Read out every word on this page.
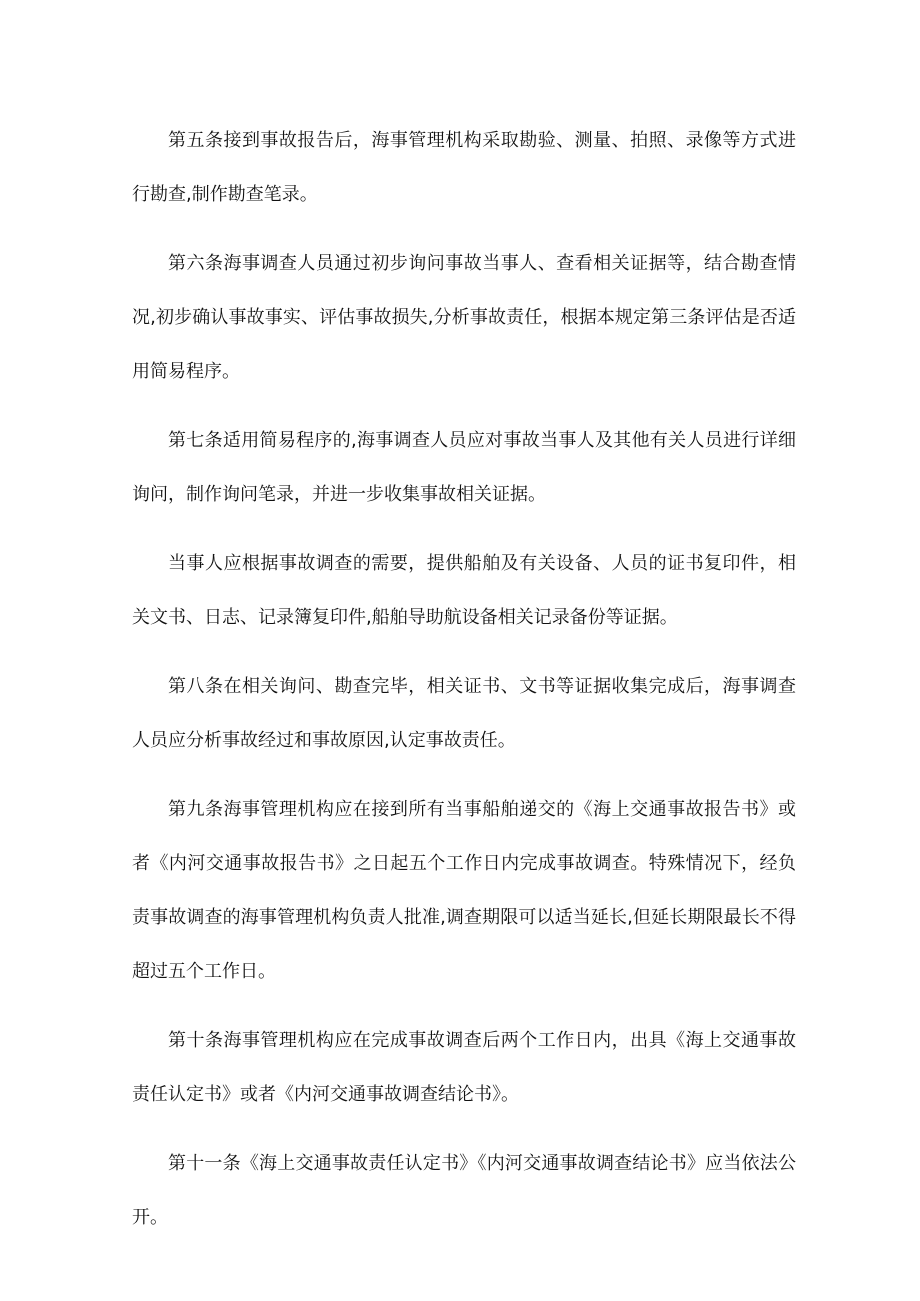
第五条接到事故报告后，海事管理机构采取勘验、测量、拍照、录像等方式进行勘查,制作勘查笔录。

第六条海事调查人员通过初步询问事故当事人、查看相关证据等，结合勘查情况,初步确认事故事实、评估事故损失,分析事故责任，根据本规定第三条评估是否适用简易程序。

第七条适用简易程序的,海事调查人员应对事故当事人及其他有关人员进行详细询问，制作询问笔录，并进一步收集事故相关证据。

当事人应根据事故调查的需要，提供船舶及有关设备、人员的证书复印件，相关文书、日志、记录簿复印件,船舶导助航设备相关记录备份等证据。

第八条在相关询问、勘查完毕，相关证书、文书等证据收集完成后，海事调查人员应分析事故经过和事故原因,认定事故责任。

第九条海事管理机构应在接到所有当事船舶递交的《海上交通事故报告书》或者《内河交通事故报告书》之日起五个工作日内完成事故调查。特殊情况下，经负责事故调查的海事管理机构负责人批准,调查期限可以适当延长,但延长期限最长不得超过五个工作日。

第十条海事管理机构应在完成事故调查后两个工作日内，出具《海上交通事故责任认定书》或者《内河交通事故调查结论书》。

第十一条《海上交通事故责任认定书》《内河交通事故调查结论书》应当依法公开。
